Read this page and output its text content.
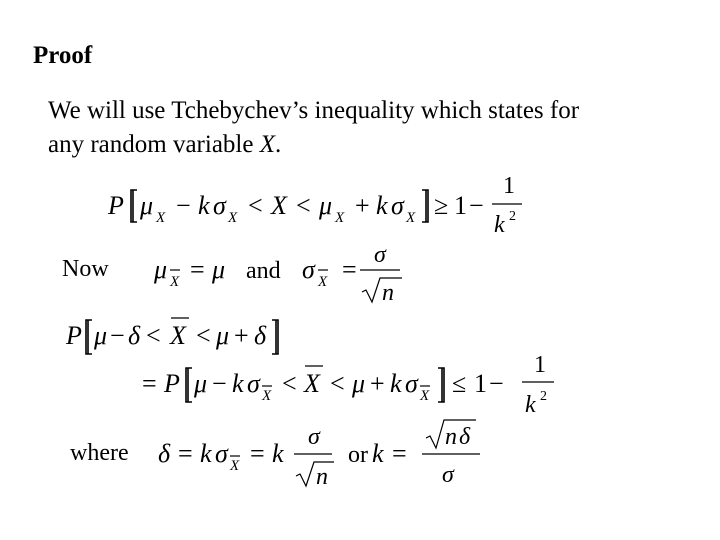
Proof
We will use Tchebychev’s inequality which states for
any random variable X.
P μ X − k σ X < X < μ X + k σ X ≥ 1 −
1
k 2
Now μ X = μ and σ X = σ
n
P μ − δ < X < μ + δ
= P μ − k σ X < X < μ + k σ X ≤ 1 −
1
k 2
where δ = k σ X = k
σ
n
or k =
n δ
σ
